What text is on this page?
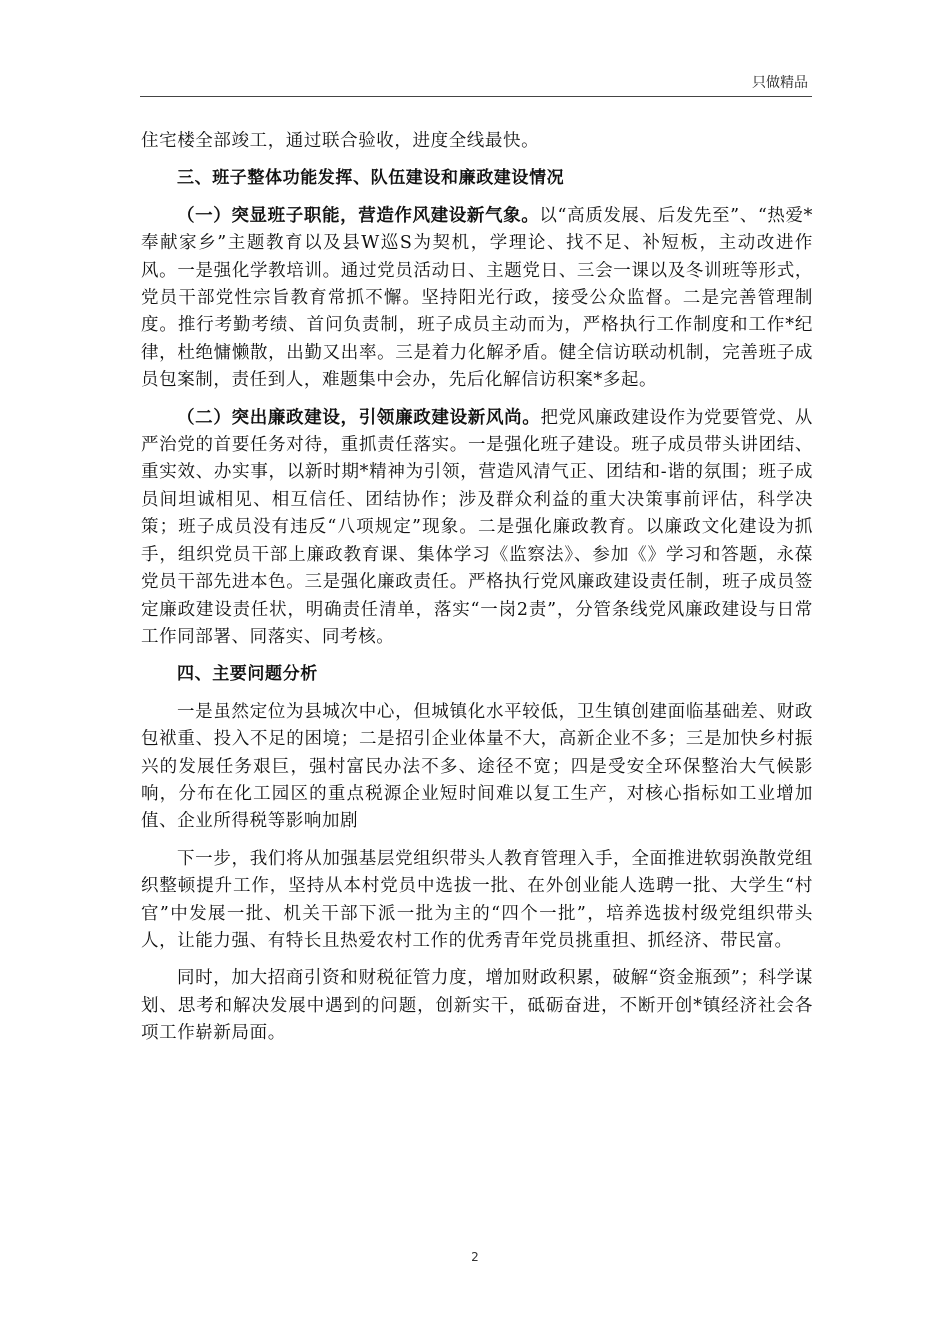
只做精品

住宅楼全部竣工，通过联合验收，进度全线最快。

三、班子整体功能发挥、队伍建设和廉政建设情况

（一）突显班子职能，营造作风建设新气象。以“高质发展、后发先至”、“热爱*奉献家乡”主题教育以及县W巡S为契机，学理论、找不足、补短板，主动改进作风。一是强化学教培训。通过党员活动日、主题党日、三会一课以及冬训班等形式，党员干部党性宗旨教育常抓不懈。坚持阳光行政，接受公众监督。二是完善管理制度。推行考勤考绩、首问负责制，班子成员主动而为，严格执行工作制度和工作*纪律，杜绝慵懒散，出勤又出率。三是着力化解矛盾。健全信访联动机制，完善班子成员包案制，责任到人，难题集中会办，先后化解信访积案*多起。

（二）突出廉政建设，引领廉政建设新风尚。把党风廉政建设作为党要管党、从严治党的首要任务对待，重抓责任落实。一是强化班子建设。班子成员带头讲团结、重实效、办实事，以新时期*精神为引领，营造风清气正、团结和-谐的氛围；班子成员间坦诚相见、相互信任、团结协作；涉及群众利益的重大决策事前评估，科学决策；班子成员没有违反“八项规定”现象。二是强化廉政教育。以廉政文化建设为抓手，组织党员干部上廉政教育课、集体学习《监察法》、参加《》学习和答题，永葆党员干部先进本色。三是强化廉政责任。严格执行党风廉政建设责任制，班子成员签定廉政建设责任状，明确责任清单，落实“一岗2责”，分管条线党风廉政建设与日常工作同部署、同落实、同考核。

四、主要问题分析

一是虽然定位为县城次中心，但城镇化水平较低，卫生镇创建面临基础差、财政包袱重、投入不足的困境；二是招引企业体量不大，高新企业不多；三是加快乡村振兴的发展任务艰巨，强村富民办法不多、途径不宽；四是受安全环保整治大气候影响，分布在化工园区的重点税源企业短时间难以复工生产，对核心指标如工业增加值、企业所得税等影响加剧

下一步，我们将从加强基层党组织带头人教育管理入手，全面推进软弱涣散党组织整顿提升工作，坚持从本村党员中选拔一批、在外创业能人选聘一批、大学生“村官”中发展一批、机关干部下派一批为主的“四个一批”，培养选拔村级党组织带头人，让能力强、有特长且热爱农村工作的优秀青年党员挑重担、抓经济、带民富。

同时，加大招商引资和财税征管力度，增加财政积累，破解“资金瓶颈”；科学谋划、思考和解决发展中遇到的问题，创新实干，砥砺奋进，不断开创*镇经济社会各项工作崭新局面。

2
